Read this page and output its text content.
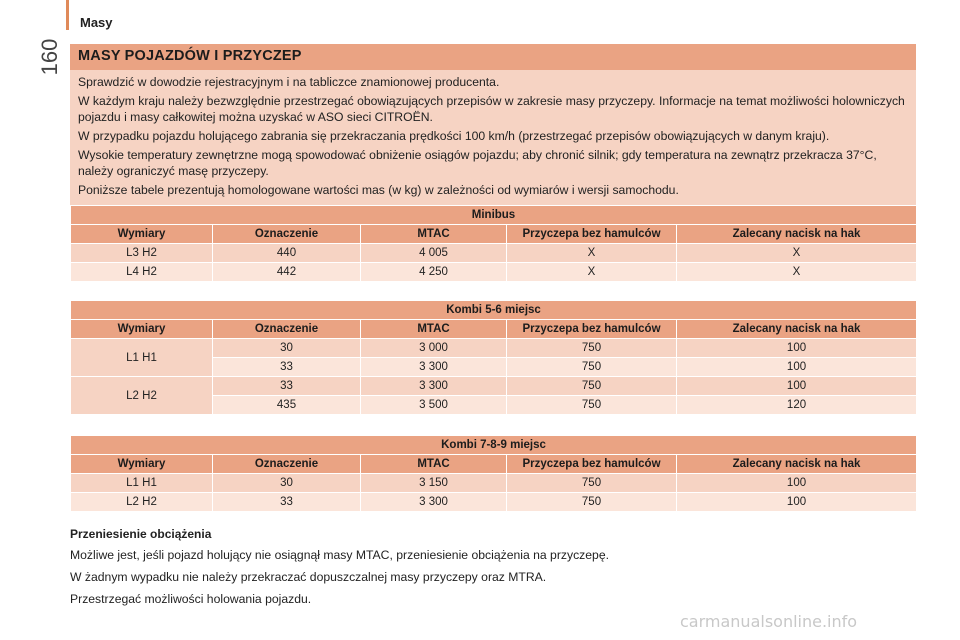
Masy
160	MASY POJAZDÓW I PRZYCZEP

Sprawdzić w dowodzie rejestracyjnym i na tabliczce znamionowej producenta.

W każdym kraju należy bezwzględnie przestrzegać obowiązujących przepisów w zakresie masy przyczepy. Informacje na temat możliwości holowniczych pojazdu i masy całkowitej można uzyskać w ASO sieci CITROËN.

W przypadku pojazdu holującego zabrania się przekraczania prędkości 100 km/h (przestrzegać przepisów obowiązujących w danym kraju).

Wysokie temperatury zewnętrzne mogą spowodować obniżenie osiągów pojazdu; aby chronić silnik; gdy temperatura na zewnątrz przekracza 37°C, należy ograniczyć masę przyczepy.

Poniższe tabele prezentują homologowane wartości mas (w kg) w zależności od wymiarów i wersji samochodu.

Minibus				
Wymiary	Oznaczenie	MTAC	Przyczepa bez hamulców	Zalecany nacisk na hak
L3 H2	440	4 005	X	X
L4 H2	442	4 250	X	X
Kombi 5-6 miejsc				
Wymiary	Oznaczenie	MTAC	Przyczepa bez hamulców	Zalecany nacisk na hak
L1 H1	30	3 000	750	100
	33	3 300	750	100
L2 H2	33	3 300	750	100
	435	3 500	750	120
Kombi 7-8-9 miejsc				
Wymiary	Oznaczenie	MTAC	Przyczepa bez hamulców	Zalecany nacisk na hak
L1 H1	30	3 150	750	100
L2 H2	33	3 300	750	100
Przeniesienie obciążenia

Możliwe jest, jeśli pojazd holujący nie osiągnął masy MTAC, przeniesienie obciążenia na przyczepę.

W żadnym wypadku nie należy przekraczać dopuszczalnej masy przyczepy oraz MTRA.

Przestrzegać możliwości holowania pojazdu.

carmanualsonline.info
